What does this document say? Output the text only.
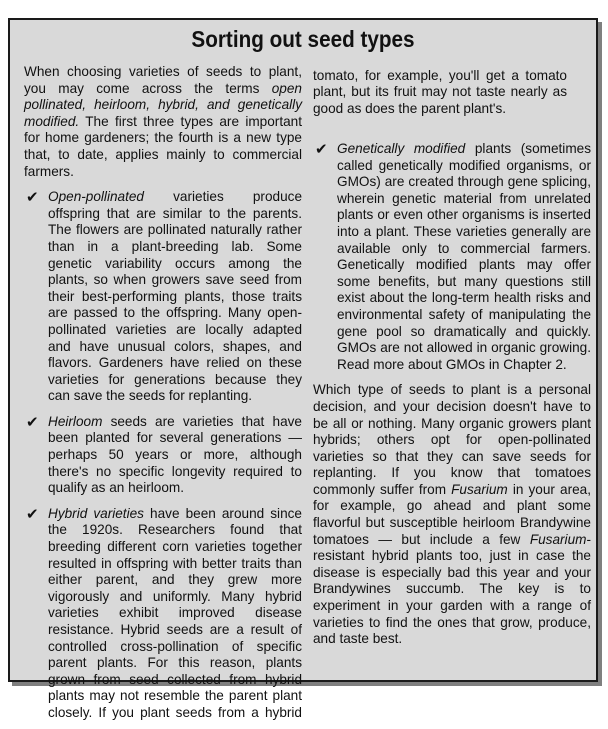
Sorting out seed types

When choosing varieties of seeds to plant, you may come across the terms open pollinated, heirloom, hybrid, and genetically modified. The first three types are important for home gardeners; the fourth is a new type that, to date, applies mainly to commercial farmers.

✔ Open-pollinated varieties produce offspring that are similar to the parents. The flowers are pollinated naturally rather than in a plant-breeding lab. Some genetic variability occurs among the plants, so when growers save seed from their best-performing plants, those traits are passed to the offspring. Many open-pollinated varieties are locally adapted and have unusual colors, shapes, and flavors. Gardeners have relied on these varieties for generations because they can save the seeds for replanting.
✔ Heirloom seeds are varieties that have been planted for several generations — perhaps 50 years or more, although there's no specific longevity required to qualify as an heirloom.
✔ Hybrid varieties have been around since the 1920s. Researchers found that breeding different corn varieties together resulted in offspring with better traits than either parent, and they grew more vigorously and uniformly. Many hybrid varieties exhibit improved disease resistance. Hybrid seeds are a result of controlled cross-pollination of specific parent plants. For this reason, plants grown from seed collected from hybrid plants may not resemble the parent plant closely. If you plant seeds from a hybrid
tomato, for example, you'll get a tomato plant, but its fruit may not taste nearly as good as does the parent plant's.
✔ Genetically modified plants (sometimes called genetically modified organisms, or GMOs) are created through gene splicing, wherein genetic material from unrelated plants or even other organisms is inserted into a plant. These varieties generally are available only to commercial farmers. Genetically modified plants may offer some benefits, but many questions still exist about the long-term health risks and environmental safety of manipulating the gene pool so dramatically and quickly. GMOs are not allowed in organic growing. Read more about GMOs in Chapter 2.

Which type of seeds to plant is a personal decision, and your decision doesn't have to be all or nothing. Many organic growers plant hybrids; others opt for open-pollinated varieties so that they can save seeds for replanting. If you know that tomatoes commonly suffer from Fusarium in your area, for example, go ahead and plant some flavorful but susceptible heirloom Brandywine tomatoes — but include a few Fusarium-resistant hybrid plants too, just in case the disease is especially bad this year and your Brandywines succumb. The key is to experiment in your garden with a range of varieties to find the ones that grow, produce, and taste best.
